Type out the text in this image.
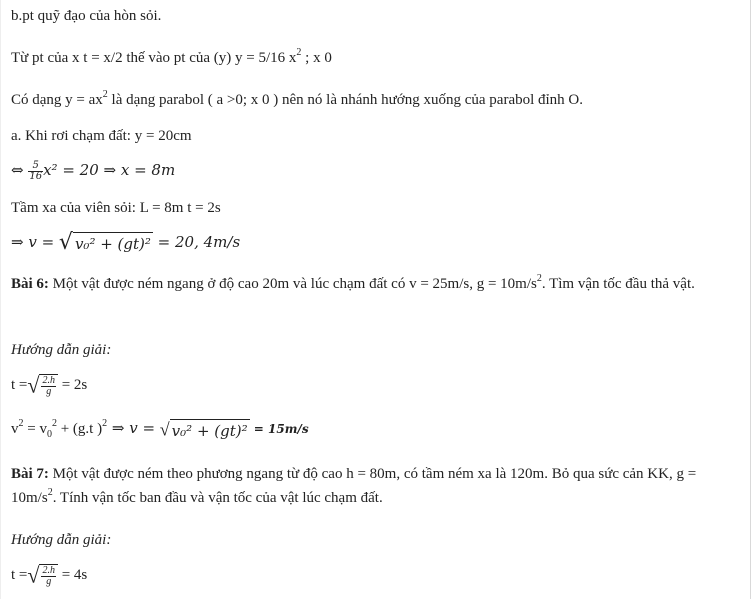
b.pt quỹ đạo của hòn sỏi.
Từ pt của x t = x/2 thế vào pt của (y) y = 5/16 $x^2$ ; x 0
Có dạng $y = ax^2$ là dạng parabol ( a >0; x 0 ) nên nó là nhánh hướng xuống của parabol đỉnh O.
a. Khi rơi chạm đất: y = 20cm
⇔ $\frac{5}{16} x^2 = 20$ ⇒ x = 8m
Tầm xa của viên sỏi: L = 8m t = 2s
⇒ v = √ v₀² + (gt)² = 20, 4m/s
Bài 6: Một vật được ném ngang ở độ cao 20m và lúc chạm đất có v = 25m/s, $g = 10m/s^2$. Tìm vận tốc đầu thả vật.
Hướng dẫn giải:
t =√ $\frac{2.h}{g} = 2s$
$v^2 = v_0^2 + (g.t$ )$^2$ ⇒ v = √ v₀² + (gt)² = 15m/s
Bài 7: Một vật được ném theo phương ngang từ độ cao h = 80m, có tầm ném xa là 120m. Bỏ qua sức cản KK, $g = 10m/s^2$. Tính vận tốc ban đầu và vận tốc của vật lúc chạm đất.
Hướng dẫn giải:
t =√ $\frac{2.h}{g} = 4s$
